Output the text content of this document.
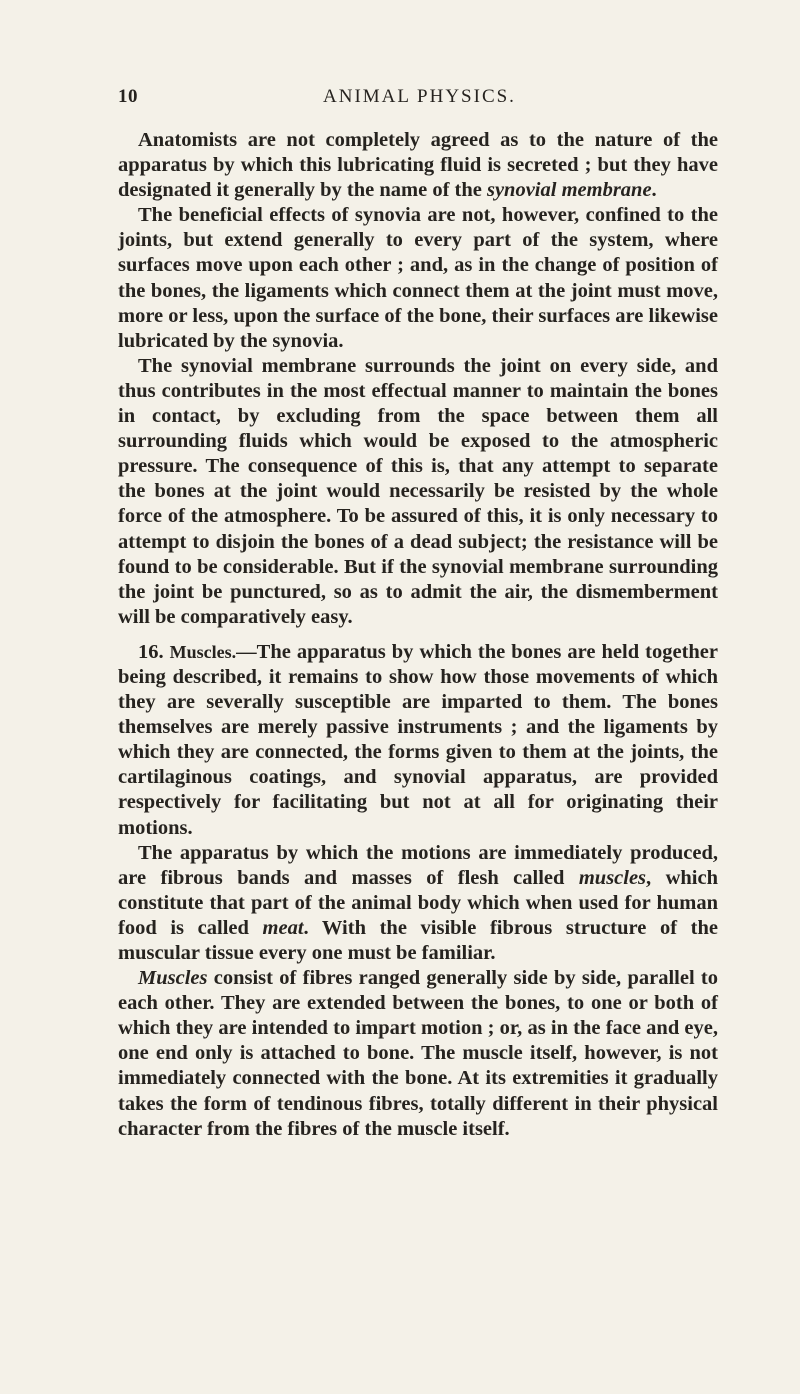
10	ANIMAL PHYSICS.

Anatomists are not completely agreed as to the nature of the apparatus by which this lubricating fluid is secreted ; but they have designated it generally by the name of the synovial membrane.

The beneficial effects of synovia are not, however, confined to the joints, but extend generally to every part of the system, where surfaces move upon each other ; and, as in the change of position of the bones, the ligaments which connect them at the joint must move, more or less, upon the surface of the bone, their surfaces are likewise lubricated by the synovia.

The synovial membrane surrounds the joint on every side, and thus contributes in the most effectual manner to maintain the bones in contact, by excluding from the space between them all surrounding fluids which would be exposed to the atmospheric pressure. The consequence of this is, that any attempt to separate the bones at the joint would necessarily be resisted by the whole force of the atmosphere. To be assured of this, it is only necessary to attempt to disjoin the bones of a dead subject; the resistance will be found to be considerable. But if the synovial membrane surrounding the joint be punctured, so as to admit the air, the dismemberment will be comparatively easy.

16. Muscles.—The apparatus by which the bones are held together being described, it remains to show how those movements of which they are severally susceptible are imparted to them. The bones themselves are merely passive instruments ; and the ligaments by which they are connected, the forms given to them at the joints, the cartilaginous coatings, and synovial apparatus, are provided respectively for facilitating but not at all for originating their motions.

The apparatus by which the motions are immediately produced, are fibrous bands and masses of flesh called muscles, which constitute that part of the animal body which when used for human food is called meat. With the visible fibrous structure of the muscular tissue every one must be familiar.

Muscles consist of fibres ranged generally side by side, parallel to each other. They are extended between the bones, to one or both of which they are intended to impart motion ; or, as in the face and eye, one end only is attached to bone. The muscle itself, however, is not immediately connected with the bone. At its extremities it gradually takes the form of tendinous fibres, totally different in their physical character from the fibres of the muscle itself.
